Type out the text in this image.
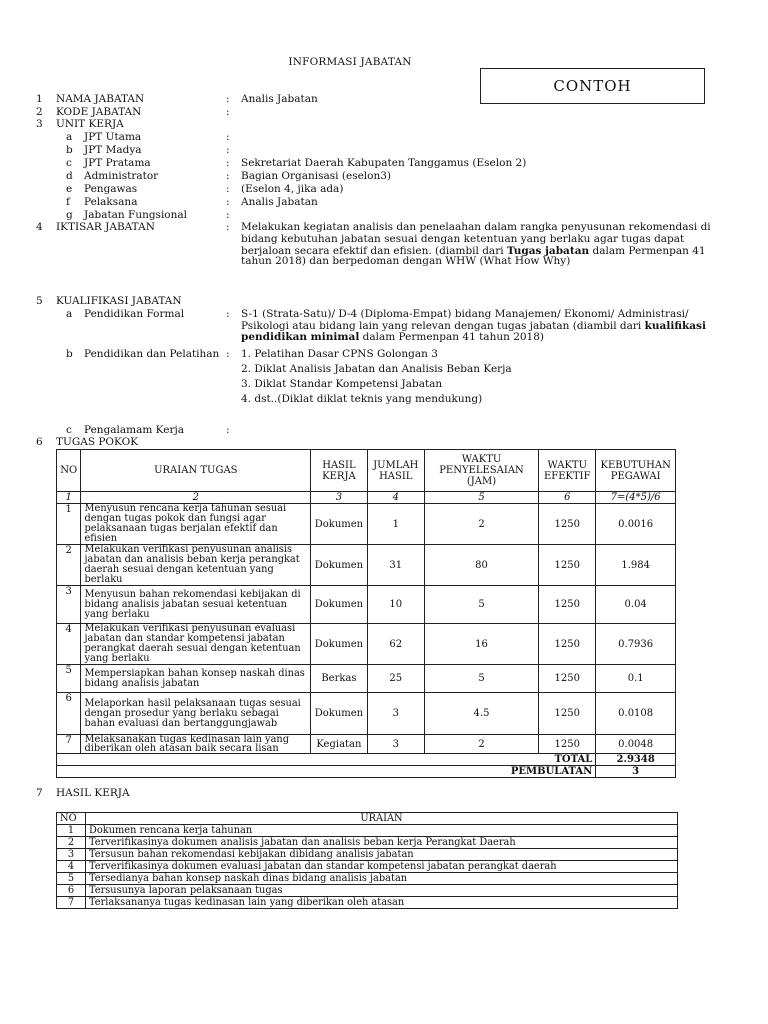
INFORMASI JABATAN
CONTOH
1 NAMA JABATAN	: Analis Jabatan
2 KODE JABATAN	:
3 UNIT KERJA
a JPT Utama	:
b JPT Madya	:
c JPT Pratama	: Sekretariat Daerah Kabupaten Tanggamus (Eselon 2)
d Administrator	: Bagian Organisasi (eselon3)
e Pengawas	: (Eselon 4, jika ada)
f Pelaksana	: Analis Jabatan
g Jabatan Fungsional	:
4 IKTISAR JABATAN	: Melakukan kegiatan analisis dan penelaahan dalam rangka penyusunan rekomendasi di
bidang kebutuhan jabatan sesuai dengan ketentuan yang berlaku agar tugas dapat
berjaloan secara efektif dan efisien. (diambil dari Tugas jabatan dalam Permenpan 41
tahun 2018) dan berpedoman dengan WHW (What How Why)
5 KUALIFIKASI JABATAN
a Pendidikan Formal	: S-1 (Strata-Satu)/ D-4 (Diploma-Empat) bidang Manajemen/ Ekonomi/ Administrasi/
Psikologi atau bidang lain yang relevan dengan tugas jabatan (diambil dari kualifikasi
pendidikan minimal dalam Permenpan 41 tahun 2018)
b Pendidikan dan Pelatihan : 1. Pelatihan Dasar CPNS Golongan 3
2. Diklat Analisis Jabatan dan Analisis Beban Kerja
3. Diklat Standar Kompetensi Jabatan
4. dst..(Diklat diklat teknis yang mendukung)
c Pengalamam Kerja	:
6 TUGAS POKOK
NO	URAIAN TUGAS	HASIL KERJA	JUMLAH HASIL	WAKTU PENYELESAIAN (JAM)	WAKTU EFEKTIF	KEBUTUHAN PEGAWAI
1	2	3	4	5	6	7=(4*5)/6
1	Menyusun rencana kerja tahunan sesuai dengan tugas pokok dan fungsi agar pelaksanaan tugas berjalan efektif dan efisien	Dokumen	1	2	1250	0.0016
2	Melakukan verifikasi penyusunan analisis jabatan dan analisis beban kerja perangkat daerah sesuai dengan ketentuan yang berlaku	Dokumen	31	80	1250	1.984
3	Menyusun bahan rekomendasi kebijakan di bidang analisis jabatan sesuai ketentuan yang berlaku	Dokumen	10	5	1250	0.04
4	Melakukan verifikasi penyusunan evaluasi jabatan dan standar kompetensi jabatan perangkat daerah sesuai dengan ketentuan yang berlaku	Dokumen	62	16	1250	0.7936
5	Mempersiapkan bahan konsep naskah dinas bidang analisis jabatan	Berkas	25	5	1250	0.1
6	Melaporkan hasil pelaksanaan tugas sesuai dengan prosedur yang berlaku sebagai bahan evaluasi dan bertanggungjawab	Dokumen	3	4.5	1250	0.0108
7	Melaksanakan tugas kedinasan lain yang diberikan oleh atasan baik secara lisan	Kegiatan	3	2	1250	0.0048
TOTAL						2.9348
PEMBULATAN						3
7 HASIL KERJA
NO	URAIAN
1	Dokumen rencana kerja tahunan
2	Terverifikasinya dokumen analisis jabatan dan analisis beban kerja Perangkat Daerah
3	Tersusun bahan rekomendasi kebijakan dibidang analisis jabatan
4	Terverifikasinya dokumen evaluasi jabatan dan standar kompetensi jabatan perangkat daerah
5	Tersedianya bahan konsep naskah dinas bidang analisis jabatan
6	Tersusunya laporan pelaksanaan tugas
7	Terlaksananya tugas kedinasan lain yang diberikan oleh atasan
